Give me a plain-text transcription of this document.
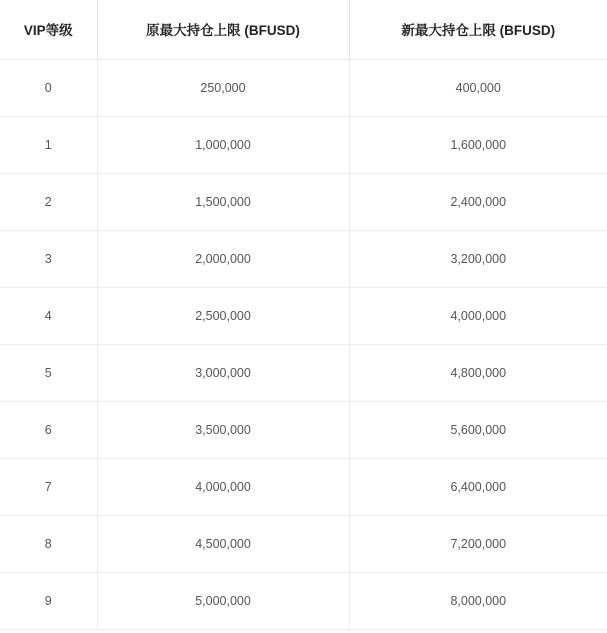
VIP等级	原最大持仓上限 (BFUSD)	新最大持仓上限 (BFUSD)
0	250,000	400,000
1	1,000,000	1,600,000
2	1,500,000	2,400,000
3	2,000,000	3,200,000
4	2,500,000	4,000,000
5	3,000,000	4,800,000
6	3,500,000	5,600,000
7	4,000,000	6,400,000
8	4,500,000	7,200,000
9	5,000,000	8,000,000
